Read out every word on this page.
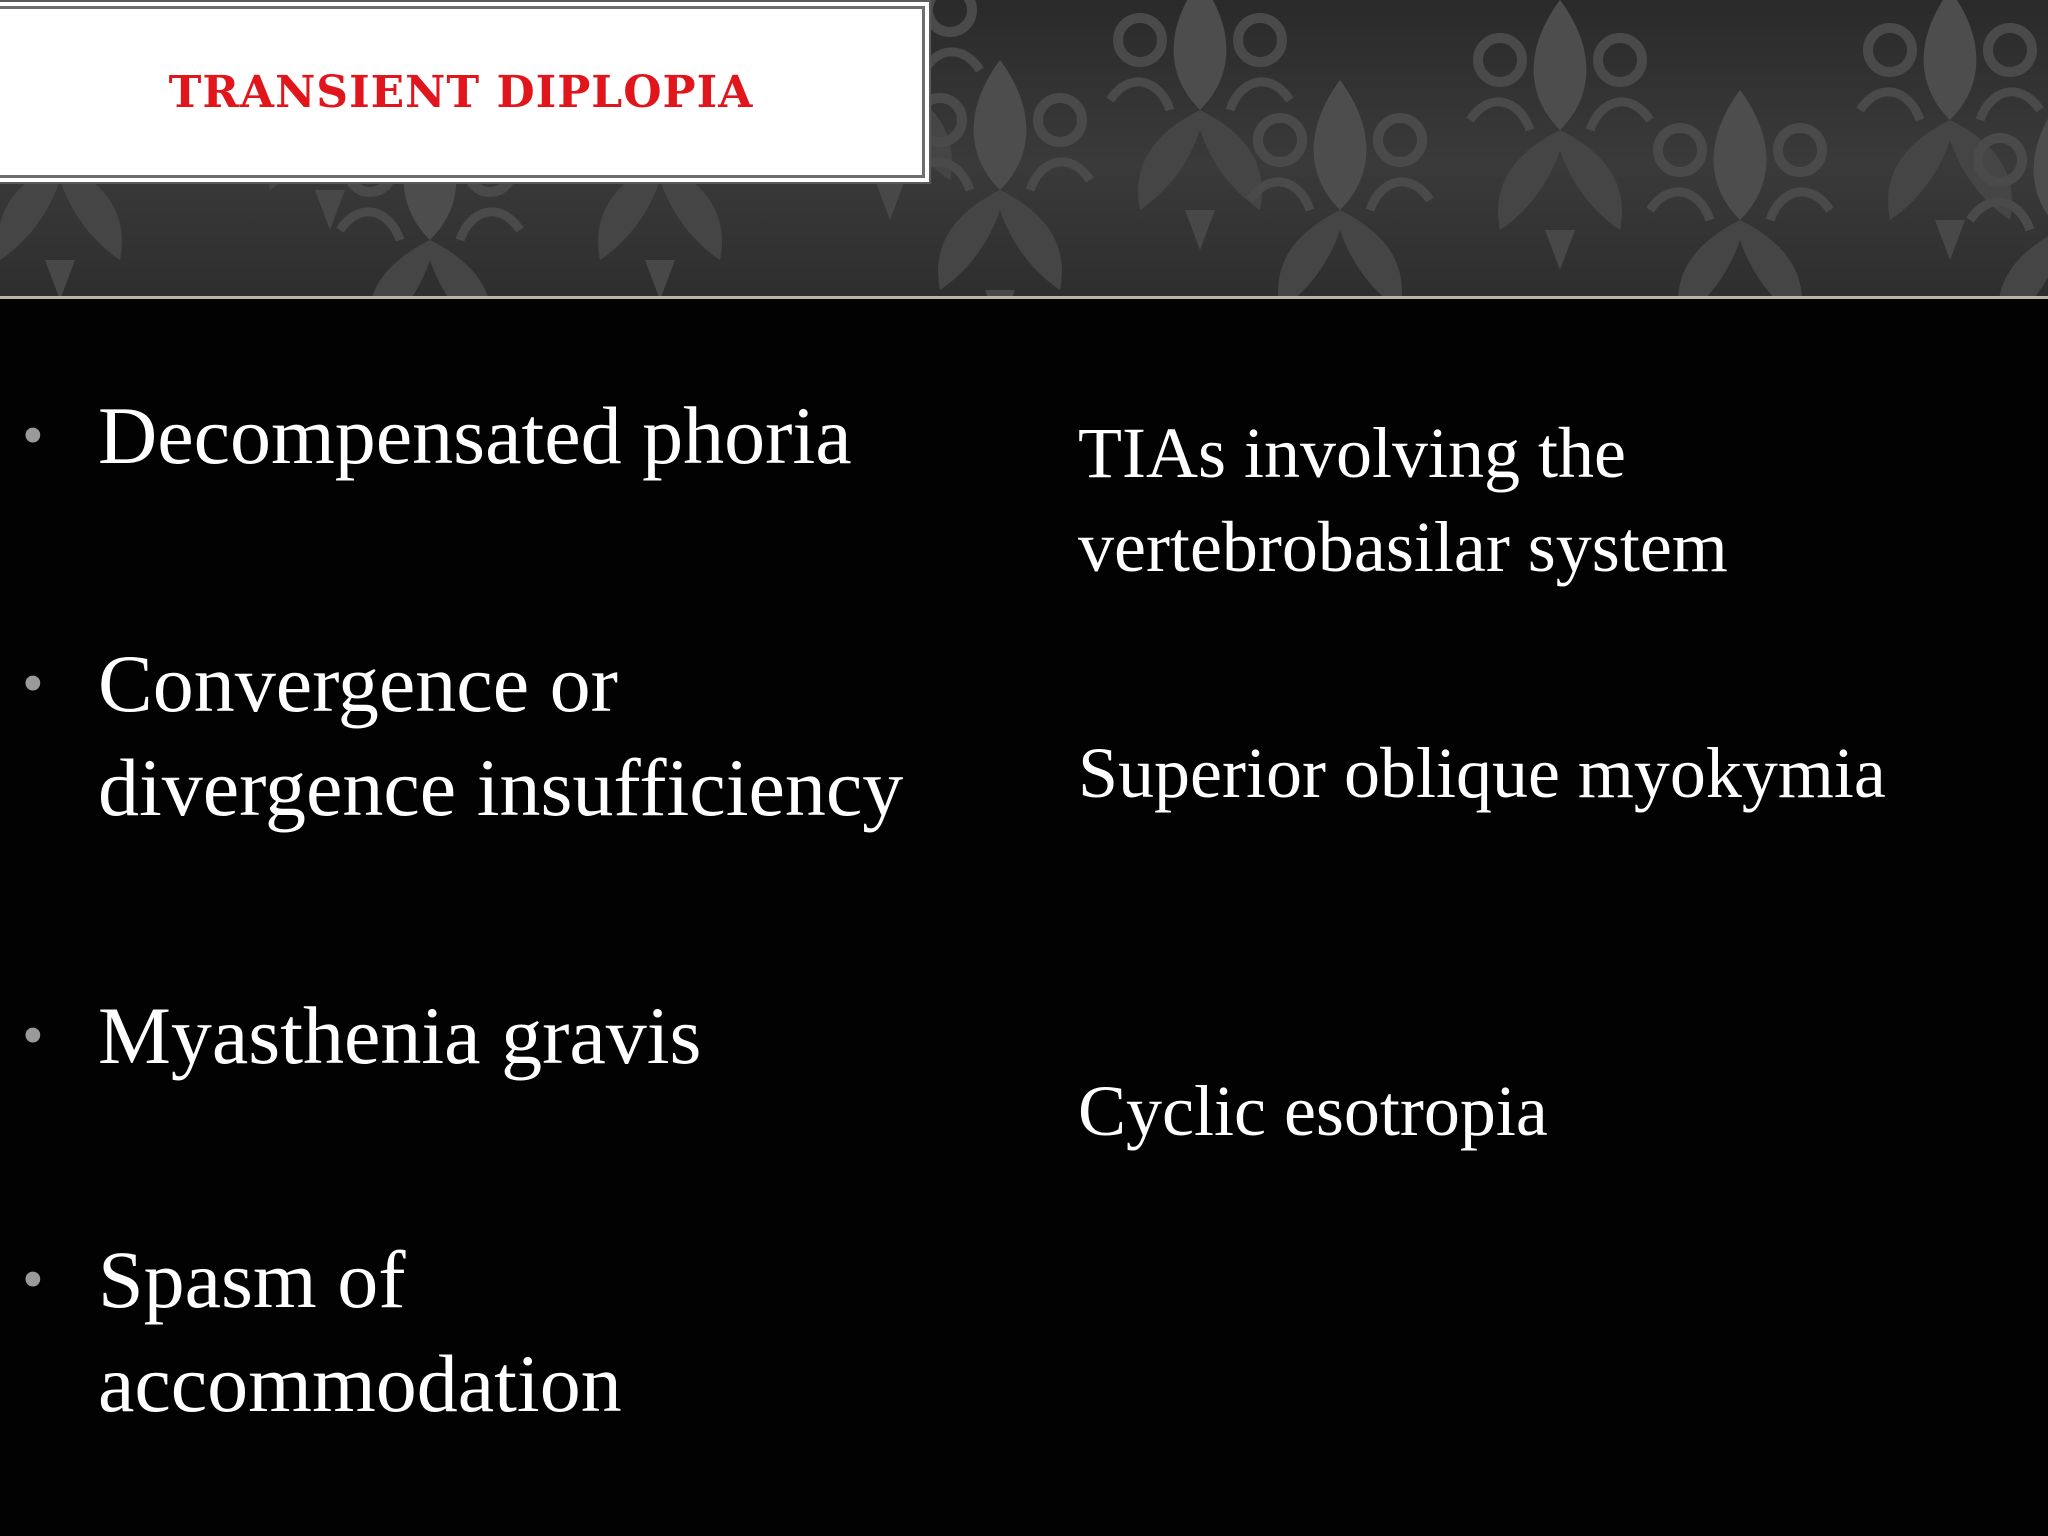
TRANSIENT DIPLOPIA
• Decompensated phoria
• Convergence or
divergence insufficiency
• Myasthenia gravis
• Spasm of
accommodation
TIAs involving the
vertebrobasilar system
Superior oblique myokymia
Cyclic esotropia
